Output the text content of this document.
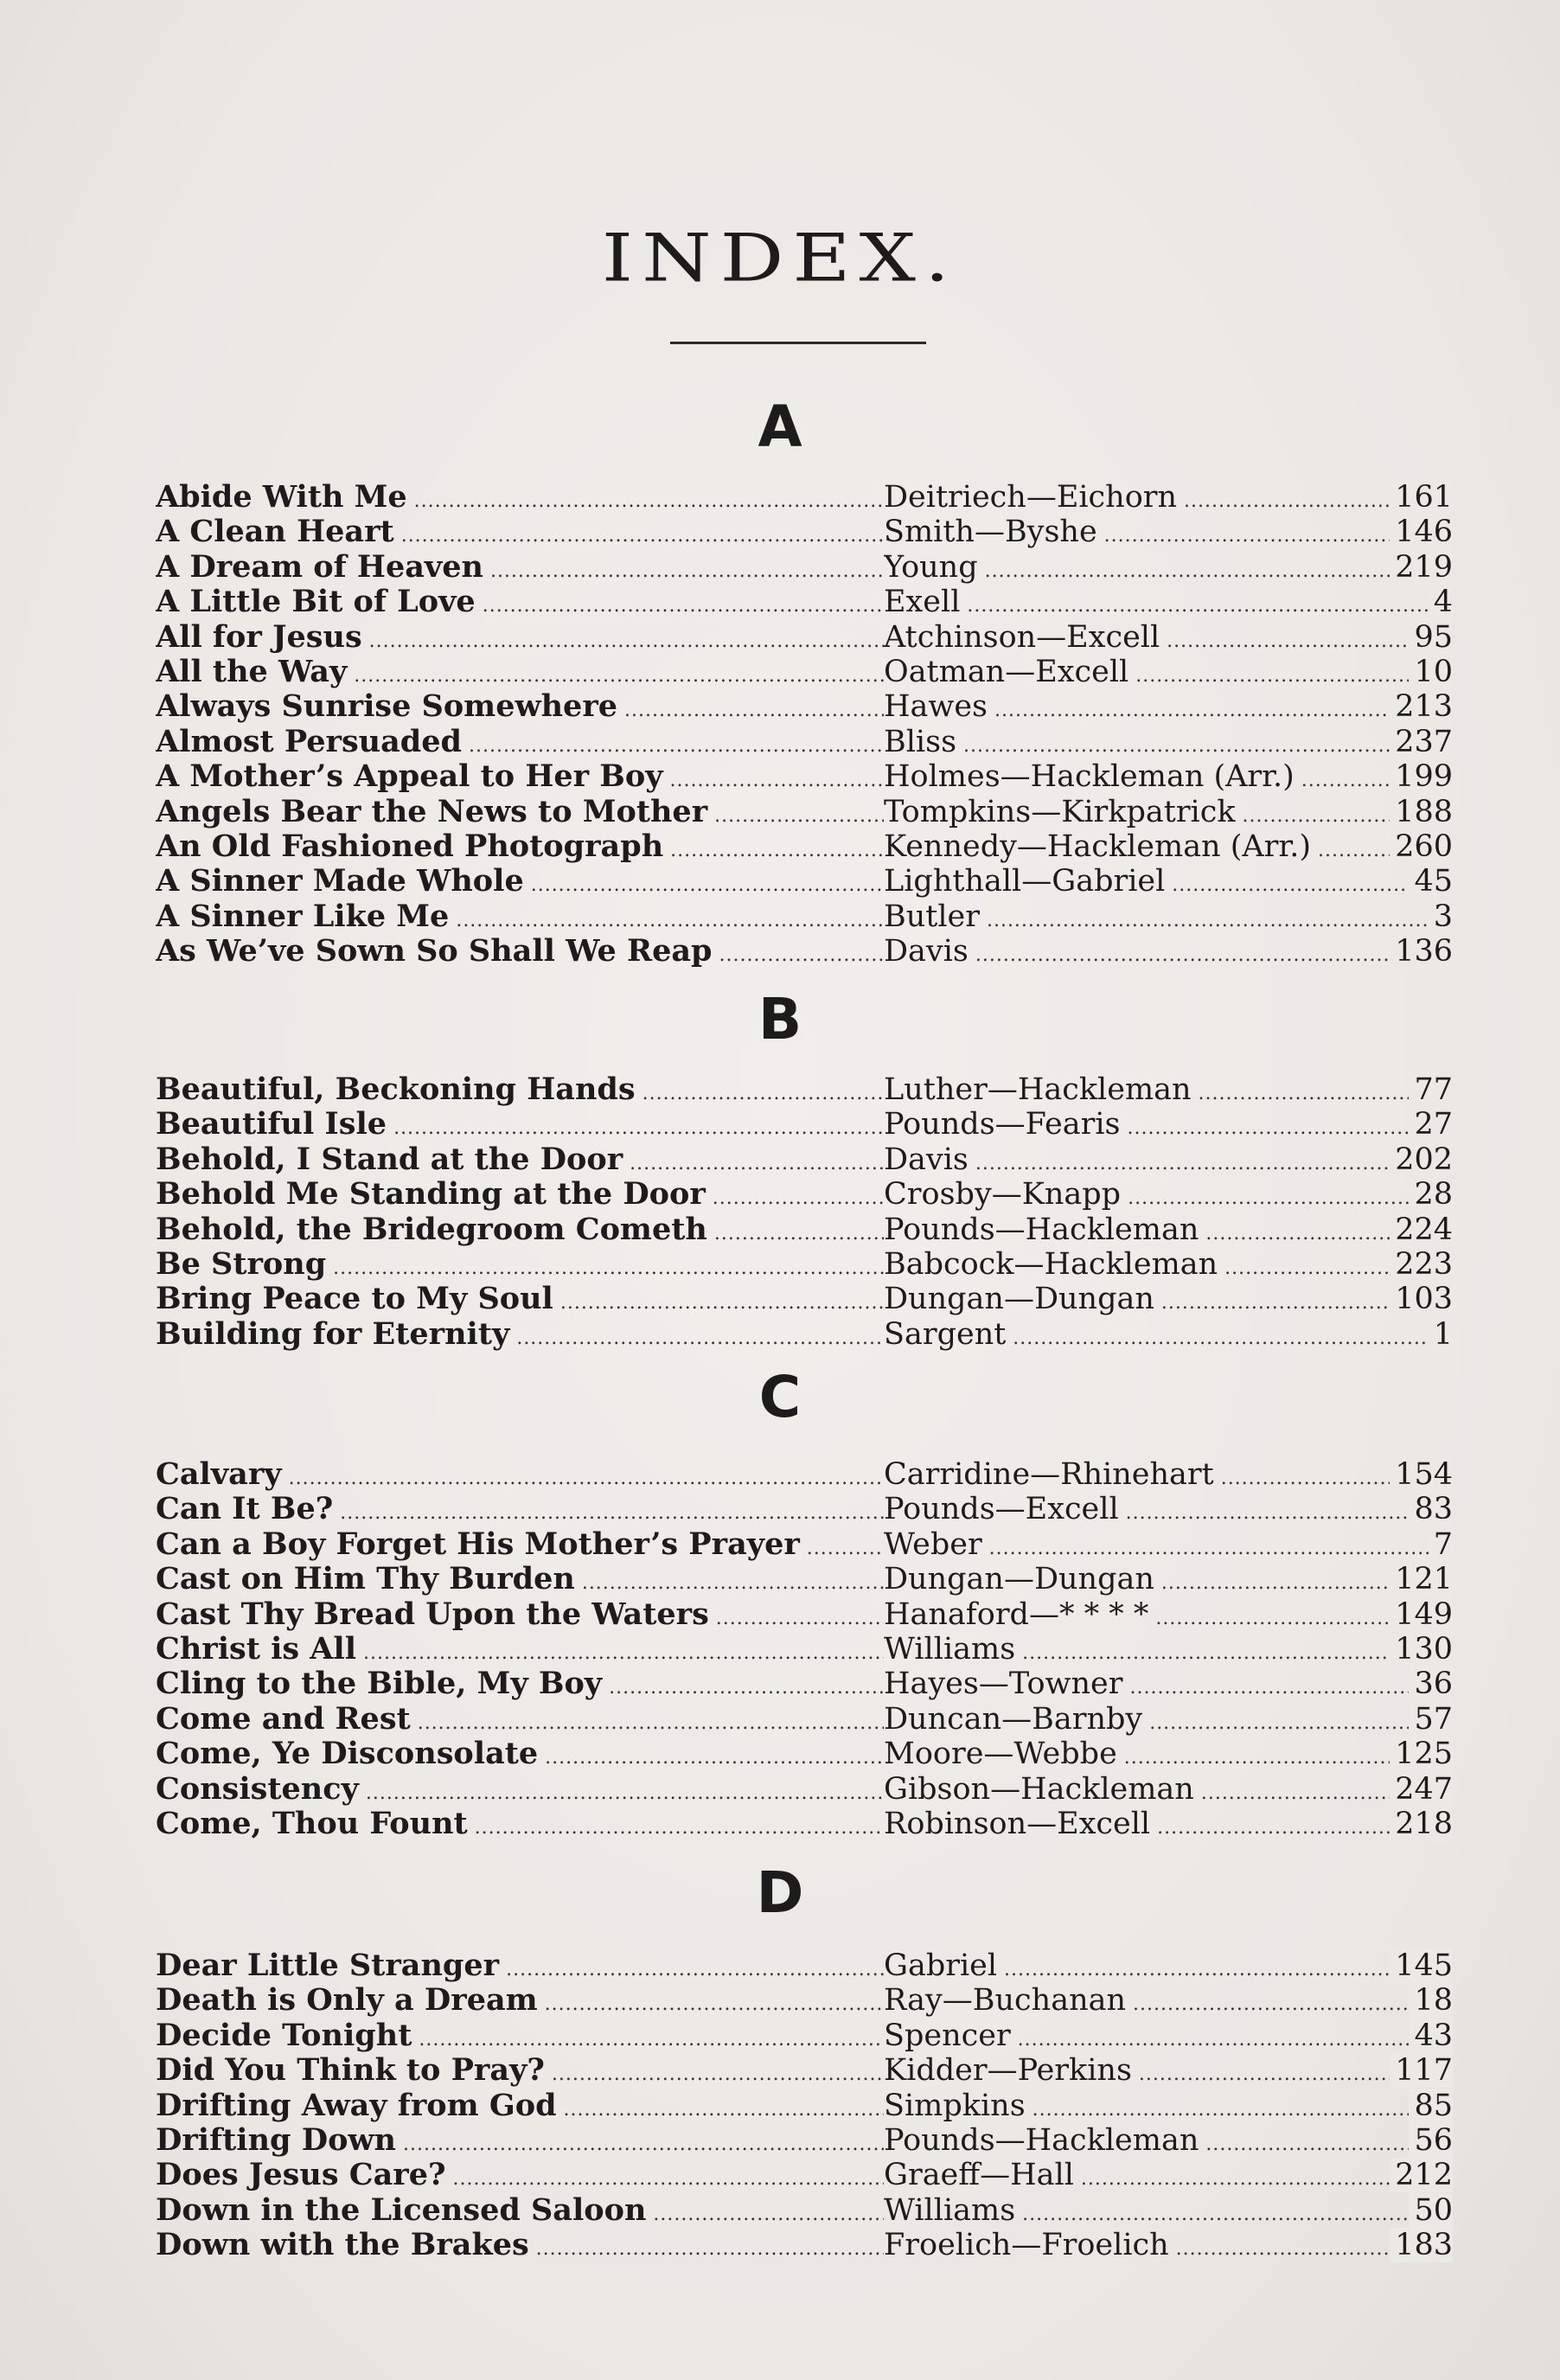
INDEX.
A
Abide With Me .....	Deitriech—Eichorn .....	161
A Clean Heart .....	Smith—Byshe .....	146
A Dream of Heaven .....	Young .....	219
A Little Bit of Love .....	Exell .....	4
All for Jesus .....	Atchinson—Excell .....	95
All the Way .....	Oatman—Excell .....	10
Always Sunrise Somewhere .....	Hawes .....	213
Almost Persuaded .....	Bliss .....	237
A Mother’s Appeal to Her Boy .....	Holmes—Hackleman (Arr.) .....	199
Angels Bear the News to Mother .....	Tompkins—Kirkpatrick .....	188
An Old Fashioned Photograph .....	Kennedy—Hackleman (Arr.) .....	260
A Sinner Made Whole .....	Lighthall—Gabriel .....	45
A Sinner Like Me .....	Butler .....	3
As We’ve Sown So Shall We Reap .....	Davis .....	136
B
Beautiful, Beckoning Hands .....	Luther—Hackleman .....	77
Beautiful Isle .....	Pounds—Fearis .....	27
Behold, I Stand at the Door .....	Davis .....	202
Behold Me Standing at the Door .....	Crosby—Knapp .....	28
Behold, the Bridegroom Cometh .....	Pounds—Hackleman .....	224
Be Strong .....	Babcock—Hackleman .....	223
Bring Peace to My Soul .....	Dungan—Dungan .....	103
Building for Eternity .....	Sargent .....	1
C
Calvary .....	Carridine—Rhinehart .....	154
Can It Be? .....	Pounds—Excell .....	83
Can a Boy Forget His Mother’s Prayer .....	Weber .....	7
Cast on Him Thy Burden .....	Dungan—Dungan .....	121
Cast Thy Bread Upon the Waters .....	Hanaford—* * * * .....	149
Christ is All .....	Williams .....	130
Cling to the Bible, My Boy .....	Hayes—Towner .....	36
Come and Rest .....	Duncan—Barnby .....	57
Come, Ye Disconsolate .....	Moore—Webbe .....	125
Consistency .....	Gibson—Hackleman .....	247
Come, Thou Fount .....	Robinson—Excell .....	218
D
Dear Little Stranger .....	Gabriel .....	145
Death is Only a Dream .....	Ray—Buchanan .....	18
Decide Tonight .....	Spencer .....	43
Did You Think to Pray? .....	Kidder—Perkins .....	117
Drifting Away from God .....	Simpkins .....	85
Drifting Down .....	Pounds—Hackleman .....	56
Does Jesus Care? .....	Graeff—Hall .....	212
Down in the Licensed Saloon .....	Williams .....	50
Down with the Brakes .....	Froelich—Froelich .....	183
